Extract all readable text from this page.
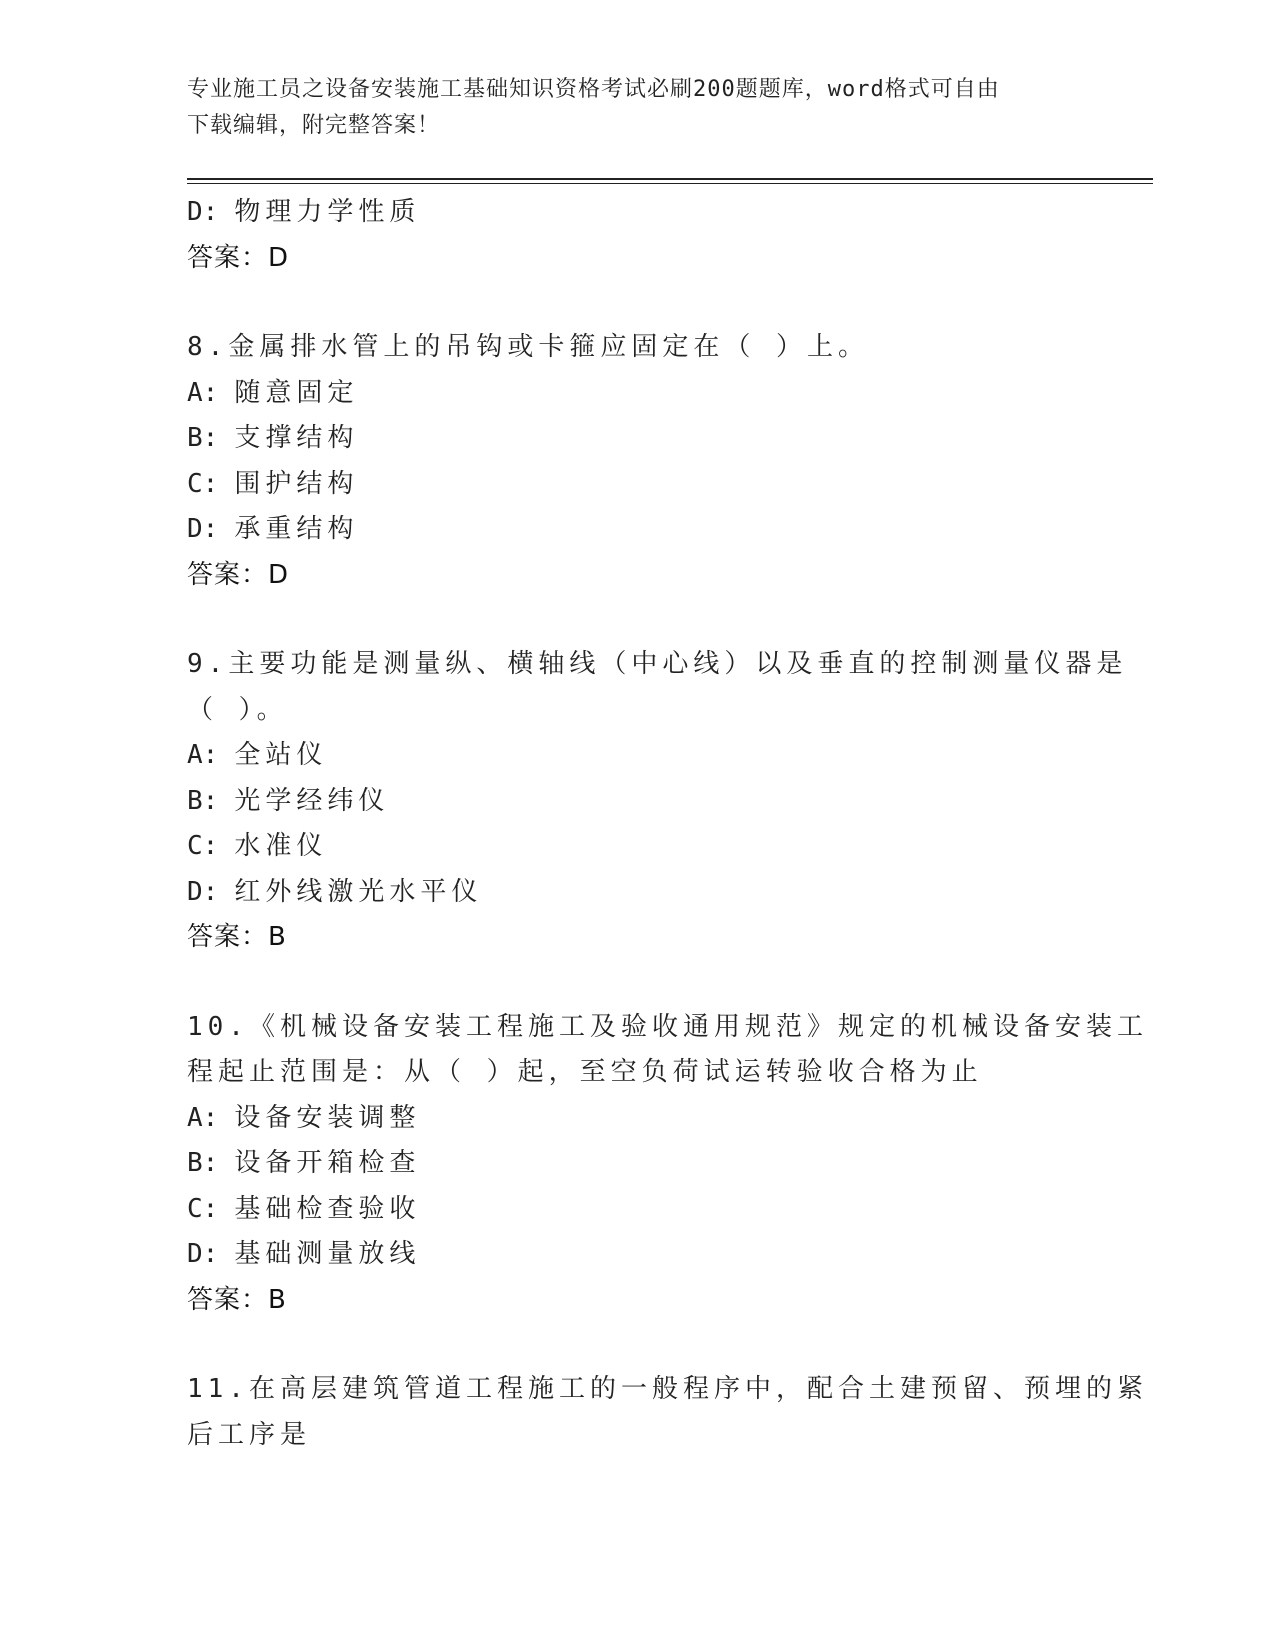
专业施工员之设备安装施工基础知识资格考试必刷200题题库，word格式可自由
下载编辑，附完整答案！
D: 物理力学性质
答案：D
8.金属排水管上的吊钩或卡箍应固定在（ ）上。
A: 随意固定
B: 支撑结构
C: 围护结构
D: 承重结构
答案：D
9.主要功能是测量纵、横轴线（中心线）以及垂直的控制测量仪器是
（ ）。
A: 全站仪
B: 光学经纬仪
C: 水准仪
D: 红外线激光水平仪
答案：B
10.《机械设备安装工程施工及验收通用规范》规定的机械设备安装工
程起止范围是：从（ ）起，至空负荷试运转验收合格为止
A: 设备安装调整
B: 设备开箱检查
C: 基础检查验收
D: 基础测量放线
答案：B
11.在高层建筑管道工程施工的一般程序中，配合土建预留、预埋的紧
后工序是
